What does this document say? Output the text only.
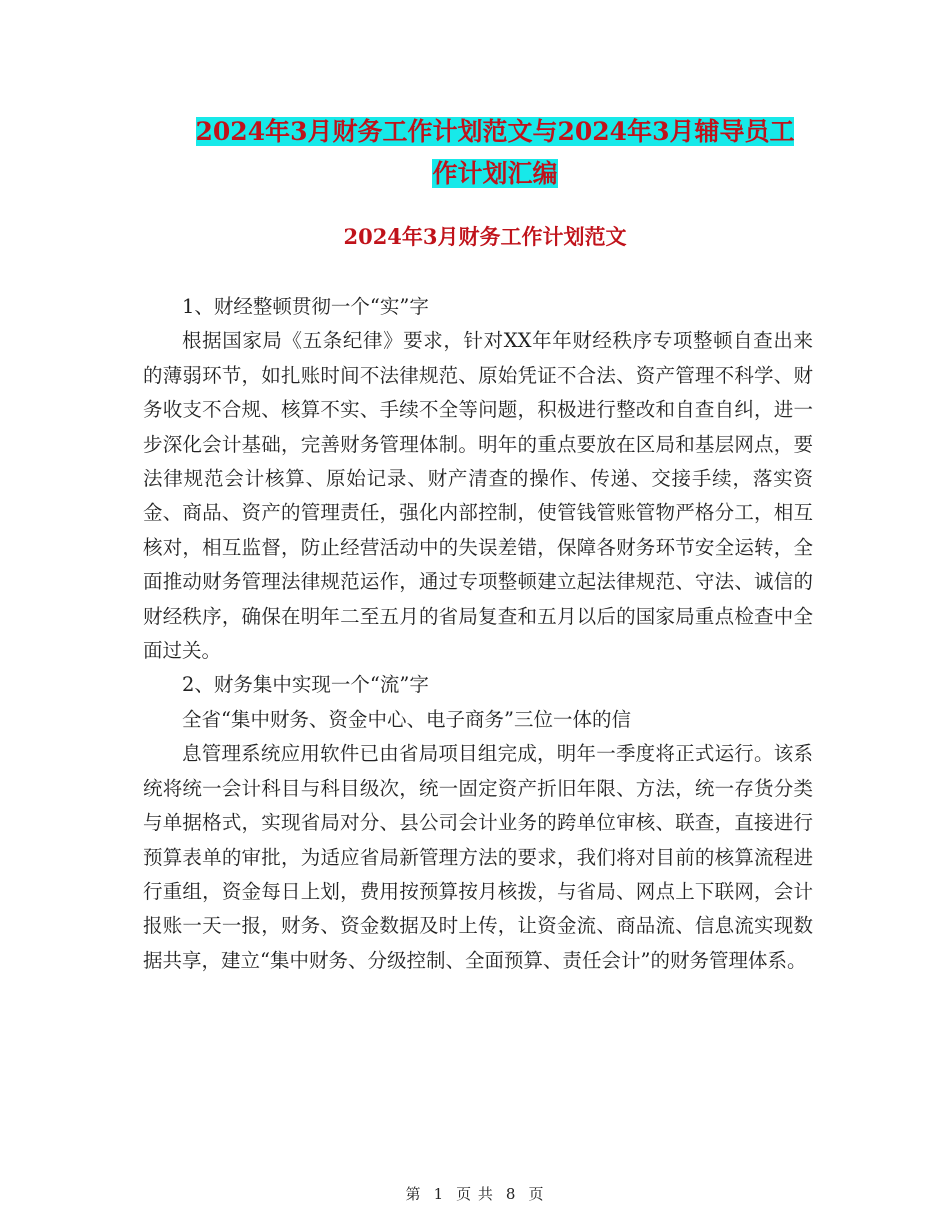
2024年3月财务工作计划范文与2024年3月辅导员工
作计划汇编
2024年3月财务工作计划范文

1、财经整顿贯彻一个“实”字

根据国家局《五条纪律》要求，针对XX年年财经秩序专项整顿自查出来的薄弱环节，如扎账时间不法律规范、原始凭证不合法、资产管理不科学、财务收支不合规、核算不实、手续不全等问题，积极进行整改和自查自纠，进一步深化会计基础，完善财务管理体制。明年的重点要放在区局和基层网点，要法律规范会计核算、原始记录、财产清查的操作、传递、交接手续，落实资金、商品、资产的管理责任，强化内部控制，使管钱管账管物严格分工，相互核对，相互监督，防止经营活动中的失误差错，保障各财务环节安全运转，全面推动财务管理法律规范运作，通过专项整顿建立起法律规范、守法、诚信的财经秩序，确保在明年二至五月的省局复查和五月以后的国家局重点检查中全面过关。

2、财务集中实现一个“流”字

全省“集中财务、资金中心、电子商务”三位一体的信

息管理系统应用软件已由省局项目组完成，明年一季度将正式运行。该系统将统一会计科目与科目级次，统一固定资产折旧年限、方法，统一存货分类与单据格式，实现省局对分、县公司会计业务的跨单位审核、联查，直接进行预算表单的审批，为适应省局新管理方法的要求，我们将对目前的核算流程进行重组，资金每日上划，费用按预算按月核拨，与省局、网点上下联网，会计报账一天一报，财务、资金数据及时上传，让资金流、商品流、信息流实现数据共享，建立“集中财务、分级控制、全面预算、责任会计”的财务管理体系。

第 1 页 共 8 页
